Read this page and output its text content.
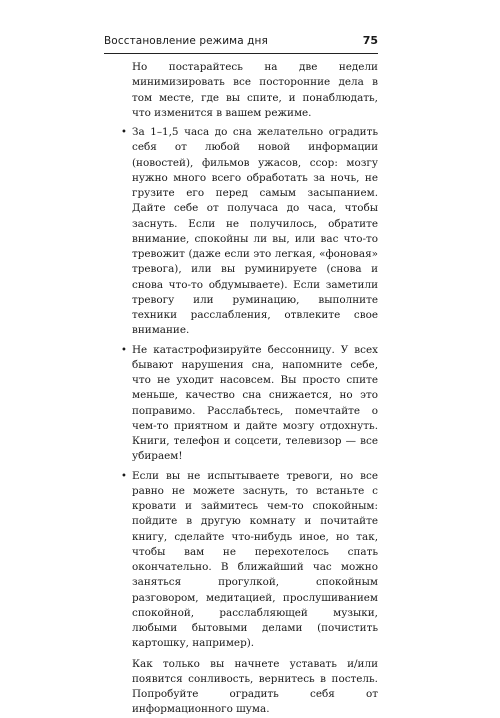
Восстановление режима дня	75

Но постарайтесь на две недели минимизировать все посторонние дела в том месте, где вы спите, и понаблюдать, что изменится в вашем режиме.

• За 1–1,5 часа до сна желательно оградить себя от любой новой информации (новостей), фильмов ужасов, ссор: мозгу нужно много всего обработать за ночь, не грузите его перед самым засыпанием. Дайте себе от получаса до часа, чтобы заснуть. Если не получилось, обратите внимание, спокойны ли вы, или вас что-то тревожит (даже если это легкая, «фоновая» тревога), или вы руминируете (снова и снова что-то обдумываете). Если заметили тревогу или руминацию, выполните техники расслабления, отвлеките свое внимание.
• Не катастрофизируйте бессонницу. У всех бывают нарушения сна, напомните себе, что не уходит насовсем. Вы просто спите меньше, качество сна снижается, но это поправимо. Расслабьтесь, помечтайте о чем-то приятном и дайте мозгу отдохнуть. Книги, телефон и соцсети, телевизор — все убираем!
• Если вы не испытываете тревоги, но все равно не можете заснуть, то встаньте с кровати и займитесь чем-то спокойным: пойдите в другую комнату и почитайте книгу, сделайте что-нибудь иное, но так, чтобы вам не перехотелось спать окончательно. В ближайший час можно заняться прогулкой, спокойным разговором, медитацией, прослушиванием спокойной, расслабляющей музыки, любыми бытовыми делами (почистить картошку, например).

Как только вы начнете уставать и/или появится сонливость, вернитесь в постель. Попробуйте оградить себя от информационного шума.
